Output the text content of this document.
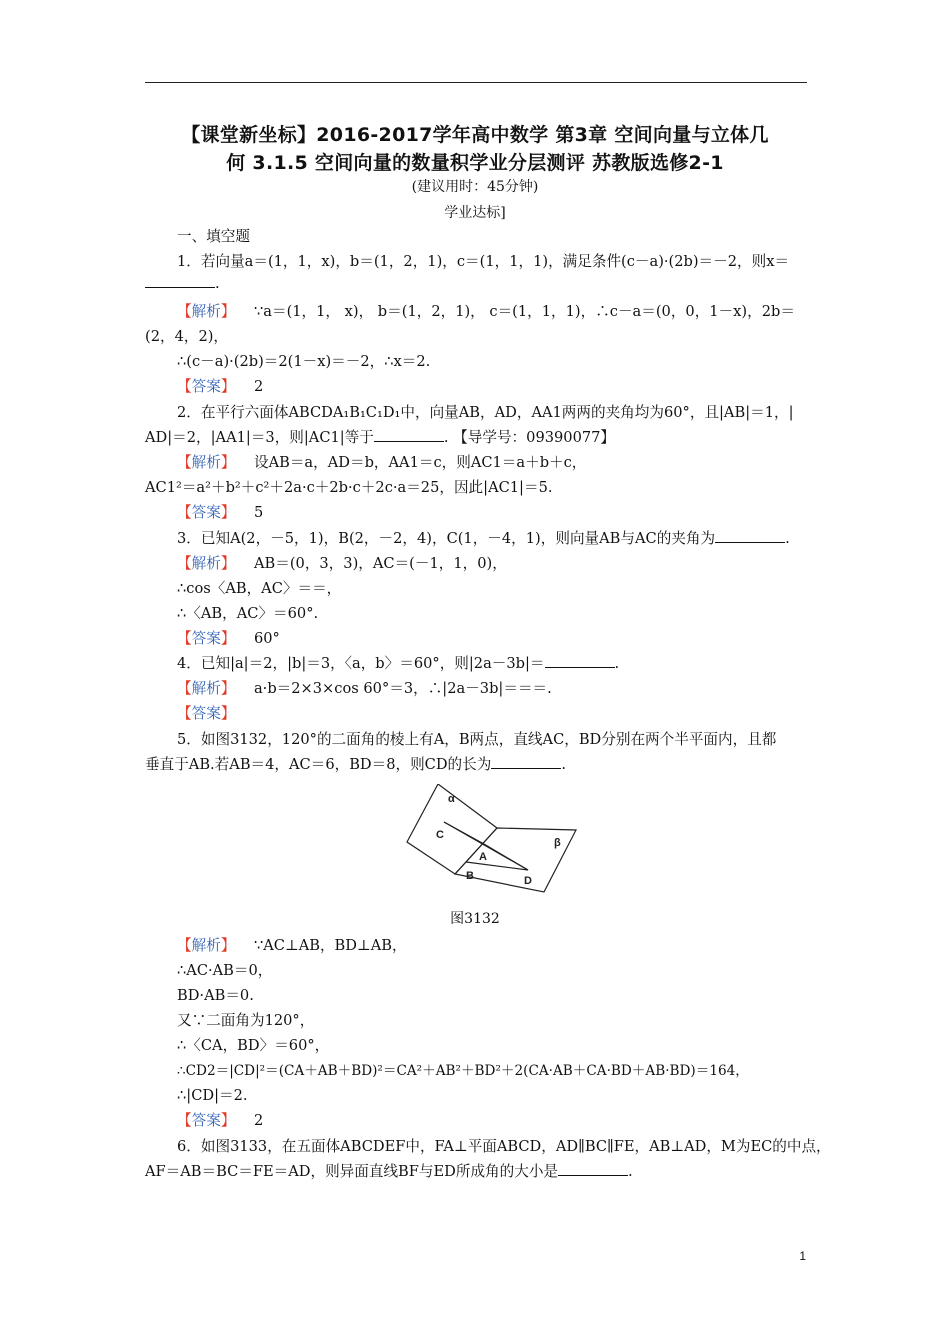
【课堂新坐标】2016-2017学年高中数学 第3章 空间向量与立体几
何 3.1.5 空间向量的数量积学业分层测评 苏教版选修2-1
(建议用时：45分钟)
学业达标]
一、填空题
1．若向量a＝(1，1，x)，b＝(1，2，1)，c＝(1，1，1)，满足条件(c－a)·(2b)＝－2，则x＝
.
【解析】 ∵a＝(1，1， x)， b＝(1，2，1)， c＝(1，1，1)，∴c－a＝(0，0，1－x)，2b＝
(2，4，2)，
∴(c－a)·(2b)＝2(1－x)＝－2，∴x＝2.
【答案】 2
2．在平行六面体ABCDA₁B₁C₁D₁中，向量AB，AD，AA1两两的夹角均为60°，且|AB|＝1，|
AD|＝2，|AA1|＝3，则|AC1|等于	. 【导学号：09390077】
【解析】 设AB＝a，AD＝b，AA1＝c，则AC1＝a＋b＋c，
AC1²＝a²＋b²＋c²＋2a·c＋2b·c＋2c·a＝25，因此|AC1|＝5.
【答案】 5
3．已知A(2，－5，1)，B(2，－2，4)，C(1，－4，1)，则向量AB与AC的夹角为	.
【解析】 AB＝(0，3，3)，AC＝(－1，1，0)，
∴cos〈AB，AC〉＝＝，
∴〈AB，AC〉＝60°.
【答案】 60°
4．已知|a|＝2，|b|＝3，〈a，b〉＝60°，则|2a－3b|＝	.
【解析】 a·b＝2×3×cos 60°＝3，∴|2a－3b|＝＝＝.
【答案】
5．如图3132，120°的二面角的棱上有A，B两点，直线AC，BD分别在两个半平面内，且都
垂直于AB.若AB＝4，AC＝6，BD＝8，则CD的长为	.
α
β
C
A
B	D
图3132
【解析】 ∵AC⊥AB，BD⊥AB，
∴AC·AB＝0，
BD·AB＝0.
又∵二面角为120°，
∴〈CA，BD〉＝60°，
∴CD2＝|CD|²＝(CA＋AB＋BD)²＝CA²＋AB²＋BD²＋2(CA·AB＋CA·BD＋AB·BD)＝164，
∴|CD|＝2.
【答案】 2
6．如图3133，在五面体ABCDEF中，FA⊥平面ABCD，AD∥BC∥FE，AB⊥AD，M为EC的中点，
AF＝AB＝BC＝FE＝AD，则异面直线BF与ED所成角的大小是	.
1
